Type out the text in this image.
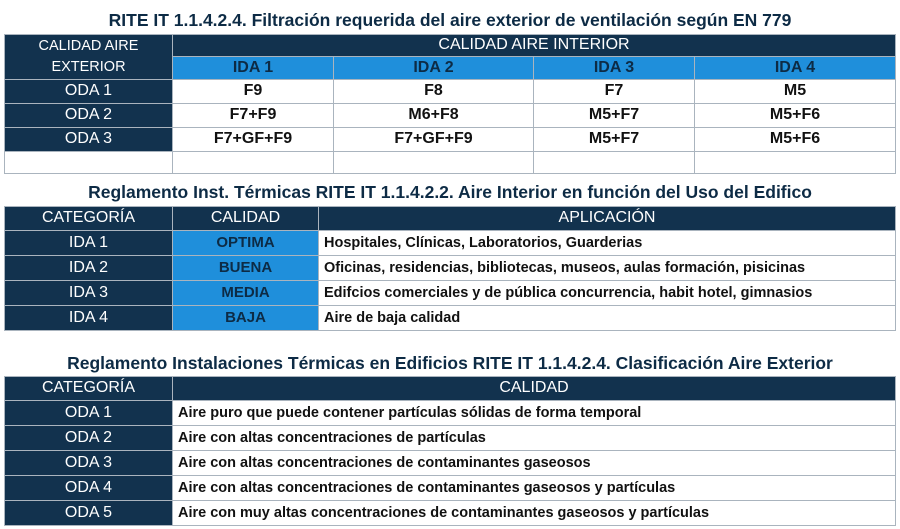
RITE IT 1.1.4.2.4. Filtración requerida del aire exterior de ventilación según EN 779				
CALIDAD AIRE EXTERIOR	CALIDAD AIRE INTERIOR			
	IDA 1	IDA 2	IDA 3	IDA 4
ODA 1	F9	F8	F7	M5
ODA 2	F7+F9	M6+F8	M5+F7	M5+F6
ODA 3	F7+GF+F9	F7+GF+F9	M5+F7	M5+F6

Reglamento Inst. Térmicas RITE IT 1.1.4.2.2. Aire Interior en función del Uso del Edifico		
CATEGORÍA	CALIDAD	APLICACIÓN
IDA 1	OPTIMA	Hospitales, Clínicas, Laboratorios, Guarderias
IDA 2	BUENA	Oficinas, residencias, bibliotecas, museos, aulas formación, pisicinas
IDA 3	MEDIA	Edifcios comerciales y de pública concurrencia, habit hotel, gimnasios
IDA 4	BAJA	Aire de baja calidad
Reglamento Instalaciones Térmicas en Edificios RITE IT 1.1.4.2.4. Clasificación Aire Exterior	
CATEGORÍA	CALIDAD
ODA 1	Aire puro que puede contener partículas sólidas de forma temporal
ODA 2	Aire con altas concentraciones de partículas
ODA 3	Aire con altas concentraciones de contaminantes gaseosos
ODA 4	Aire con altas concentraciones de contaminantes gaseosos y partículas
ODA 5	Aire con muy altas concentraciones de contaminantes gaseosos y partículas
